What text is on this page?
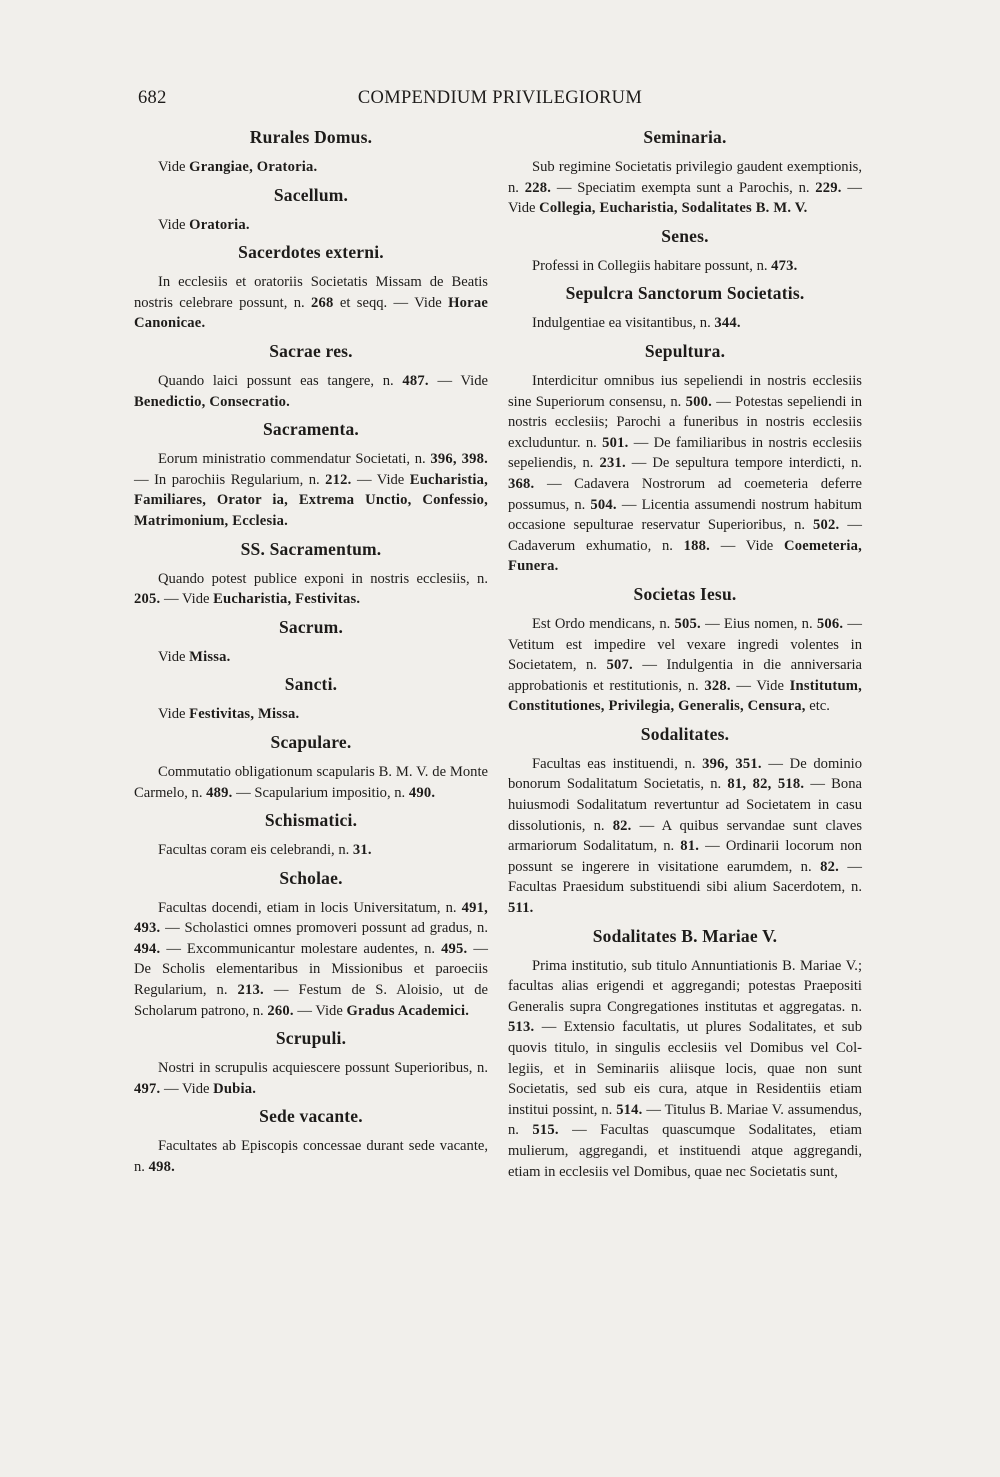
682	COMPENDIUM PRIVILEGIORUM
Rurales Domus.
Vide Grangiae, Oratoria.
Sacellum.
Vide Oratoria.
Sacerdotes externi.
In ecclesiis et oratoriis Societatis Missam de Beatis nostris celebrare possunt, n. 268 et seqq. — Vide Horae Canonicae.
Sacrae res.
Quando laici possunt eas tangere, n. 487. — Vide Benedictio, Consecratio.
Sacramenta.
Eorum ministratio commendatur Societati, n. 396, 398. — In parochiis Regularium, n. 212. — Vide Eucharistia, Familiares, Orator ia, Extrema Unctio, Confessio, Matrimonium, Ecclesia.
SS. Sacramentum.
Quando potest publice exponi in nostris ecclesiis, n. 205. — Vide Eucharistia, Festivitas.
Sacrum.
Vide Missa.
Sancti.
Vide Festivitas, Missa.
Scapulare.
Commutatio obligationum scapularis B. M. V. de Monte Carmelo, n. 489. — Scapularium impositio, n. 490.
Schismatici.
Facultas coram eis celebrandi, n. 31.
Scholae.
Facultas docendi, etiam in locis Universitatum, n. 491, 493. — Scholastici omnes promoveri possunt ad gradus, n. 494. — Excommunicantur molestare audentes, n. 495. — De Scholis elementaribus in Missionibus et paroeciis Regularium, n. 213. — Festum de S. Aloisio, ut de Scholarum patrono, n. 260. — Vide Gradus Academici.
Scrupuli.
Nostri in scrupulis acquiescere possunt Superioribus, n. 497. — Vide Dubia.
Sede vacante.
Facultates ab Episcopis concessae durant sede vacante, n. 498.
Seminaria.
Sub regimine Societatis privilegio gaudent exemptionis, n. 228. — Speciatim exempta sunt a Parochis, n. 229. — Vide Collegia, Eucharistia, Sodalitates B. M. V.
Senes.
Professi in Collegiis habitare possunt, n. 473.
Sepulcra Sanctorum Societatis.
Indulgentiae ea visitantibus, n. 344.
Sepultura.
Interdicitur omnibus ius sepeliendi in nostris ecclesiis sine Superiorum consensu, n. 500. — Potestas sepeliendi in nostris ecclesiis; Parochi a funeribus in nostris ecclesiis excluduntur. n. 501. — De familiaribus in nostris ecclesiis sepeliendis, n. 231. — De sepultura tempore interdicti, n. 368. — Cadavera Nostrorum ad coemeteria deferre possumus, n. 504. — Licentia assumendi nostrum habitum occasione sepulturae reservatur Superioribus, n. 502. — Cadaverum exhumatio, n. 188. — Vide Coemeteria, Funera.
Societas Iesu.
Est Ordo mendicans, n. 505. — Eius nomen, n. 506. — Vetitum est impedire vel vexare ingredi volentes in Societatem, n. 507. — Indulgentia in die anniversaria approbationis et restitutionis, n. 328. — Vide Institutum, Constitutiones, Privilegia, Generalis, Censura, etc.
Sodalitates.
Facultas eas instituendi, n. 396, 351. — De dominio bonorum Sodalitatum Societatis, n. 81, 82, 518. — Bona huiusmodi Sodalitatum revertuntur ad Societatem in casu dissolutionis, n. 82. — A quibus servandae sunt claves armariorum Sodalitatum, n. 81. — Ordinarii locorum non possunt se ingerere in visitatione earumdem, n. 82. — Facultas Praesidum substituendi sibi alium Sacerdotem, n. 511.
Sodalitates B. Mariae V.
Prima institutio, sub titulo Annuntiationis B. Mariae V.; facultas alias erigendi et aggregandi; potestas Praepositi Generalis supra Congregationes institutas et aggregatas. n. 513. — Extensio facultatis, ut plures Sodalitates, et sub quovis titulo, in singulis ecclesiis vel Domibus vel Collegiis, et in Seminariis aliisque locis, quae non sunt Societatis, sed sub eis cura, atque in Residentiis etiam institui possint, n. 514. — Titulus B. Mariae V. assumendus, n. 515. — Facultas quascumque Sodalitates, etiam mulierum, aggregandi, et instituendi atque aggregandi, etiam in ecclesiis vel Domibus, quae nec Societatis sunt,
